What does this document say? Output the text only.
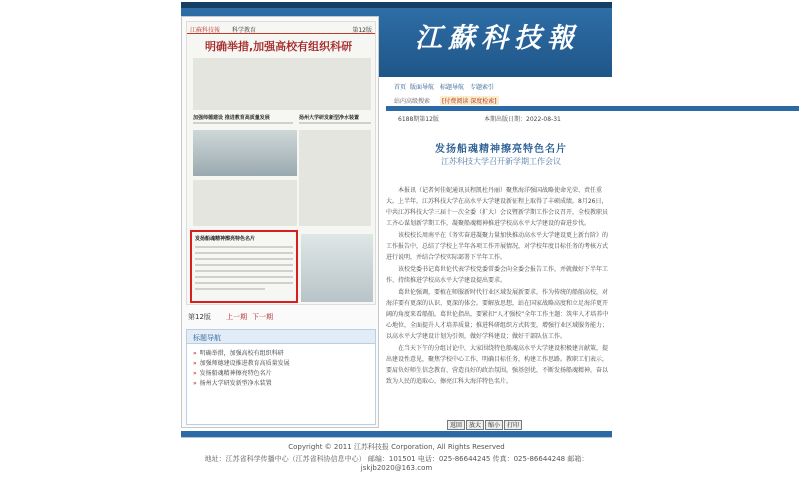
江蘇科技報
江蘇科技報 科学教育	第12版
明确举措,加强高校有组织科研
加强师德建设 推进教育高质量发展	扬州大学研发新型净水装置
发扬船魂精神擦亮特色名片
第12版 上一期 下一期
标题导航
» 明确举措，加强高校有组织科研
» 加强师德建设推进教育高质量发展
» 发扬船魂精神擦亮特色名片
» 扬州大学研发新型净水装置
首页 版面导航 标题导航 专题索引
站内高级搜索	[付费阅读 深度检索]
6188期第12版	本期出版日期：2022-08-31
发扬船魂精神擦亮特色名片
江苏科技大学召开新学期工作会议

本报讯（记者何佳妮通讯员程凯杜丹丽）聚焦海洋强国战略使命光荣、责任重大。上半年，江苏科技大学在高水平大学建设新征程上取得了丰硕成绩。8月26日，中共江苏科技大学三届十一次全委（扩大）会议暨新学期工作会议召开，全校教职员工齐心谋划新学期工作，凝聚船魂精神推进学校高水平大学建设的奋进步伐。

该校校长周南平在《务实奋进凝聚力量加快推动高水平大学建设更上新台阶》的工作报告中，总结了学校上半年各项工作开展情况，对学校年度目标任务的考核方式进行说明，并结合学校实际部署下半年工作。

该校党委书记葛世伦代表学校党委常委会向全委会报告工作，并就做好下半年工作、持续推进学校高水平大学建设提出要求。

葛世伦强调，要植在师服新时代行业区域发展新要求，作为传统的船舶高校，对海洋要有更深的认识、更深的体会。要解放思想，站在国家战略高度和立足海洋更开阔的角度来看船舶。葛世伦指出，要紧扣“人才强校”全年工作主题：筑牢人才培养中心地位，全面提升人才培养质量；推进科研组织方式转变，增强行业区域服务能力；以高水平大学建设计划为引领，做好学科建设；做好干部队伍工作。

在当天下午的分组讨论中，大家围绕特色船魂高水平大学建设积极建言献策，提出建设性意见，聚焦学校中心工作，明确目标任务，构建工作思路。教职工们表示，要肩负好师生信念教育、营造良好的政治氛围，强基创优，不断发扬船魂精神，奋以致为人民的追取心，擦亮江科大海洋特色名片。

返回 放大 缩小 打印
Copyright © 2011 江苏科技报 Corporation, All Rights Reserved
地址：江苏省科学传播中心（江苏省科协信息中心） 邮编：101501 电话：025-86644245 传真：025-86644248 邮箱：jskjb2020@163.com
